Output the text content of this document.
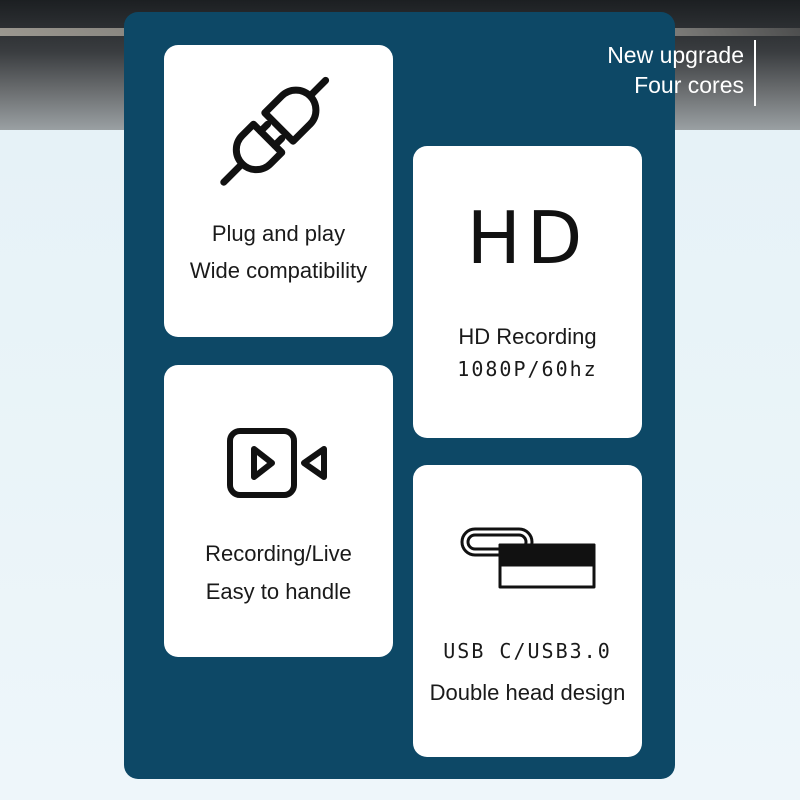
New upgrade
Four cores
Plug and play
Wide compatibility	HD
HD Recording
1080P/60hz
Recording/Live
Easy to handle
USB C/USB3.0
Double head design
